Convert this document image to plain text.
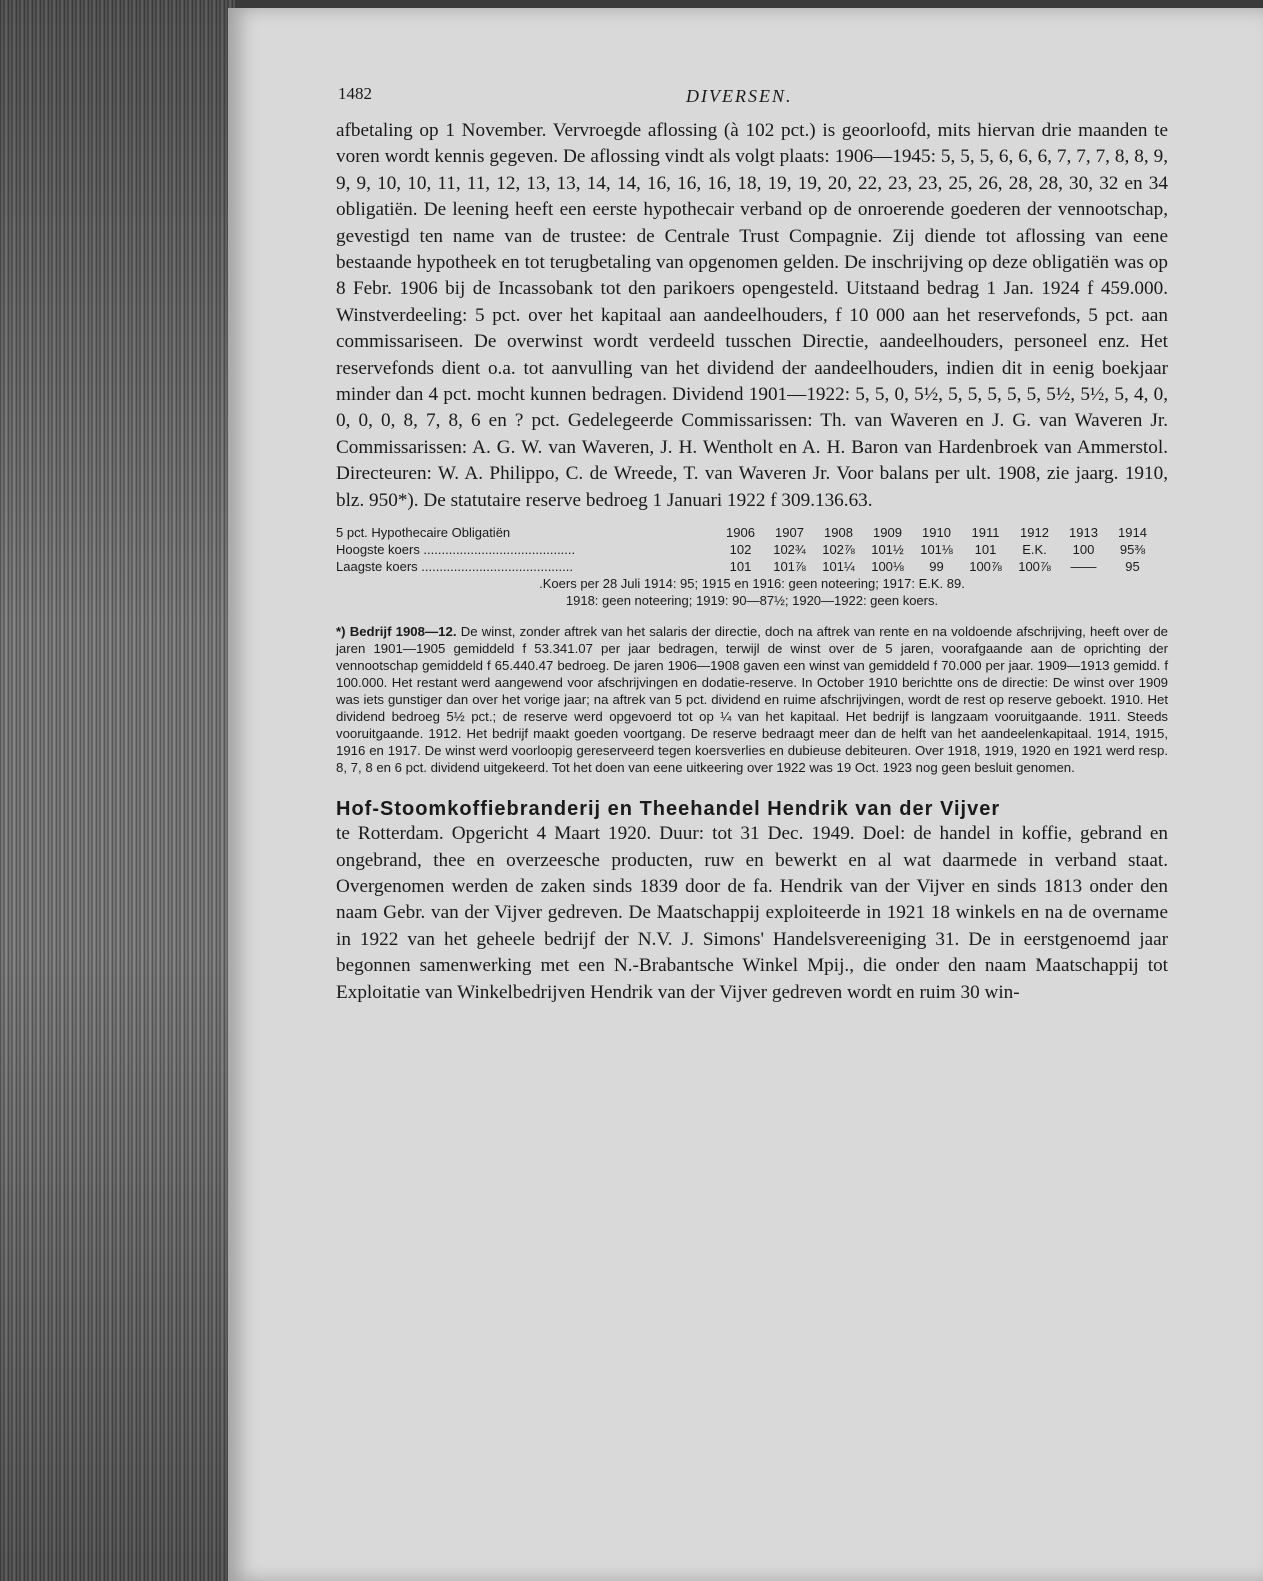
1482	DIVERSEN.

afbetaling op 1 November. Vervroegde aflossing (à 102 pct.) is geoorloofd, mits hiervan drie maanden te voren wordt kennis gegeven. De aflossing vindt als volgt plaats: 1906—1945: 5, 5, 5, 6, 6, 6, 7, 7, 7, 8, 8, 9, 9, 9, 10, 10, 11, 11, 12, 13, 13, 14, 14, 16, 16, 16, 18, 19, 19, 20, 22, 23, 23, 25, 26, 28, 28, 30, 32 en 34 obligatiën. De leening heeft een eerste hypothecair verband op de onroerende goederen der vennootschap, gevestigd ten name van de trustee: de Centrale Trust Compagnie. Zij diende tot aflossing van eene bestaande hypotheek en tot terugbetaling van opgenomen gelden. De inschrijving op deze obligatiën was op 8 Febr. 1906 bij de Incassobank tot den parikoers opengesteld. Uitstaand bedrag 1 Jan. 1924 f 459.000. Winstverdeeling: 5 pct. over het kapitaal aan aandeelhouders, f 10 000 aan het reservefonds, 5 pct. aan commissariseen. De overwinst wordt verdeeld tusschen Directie, aandeelhouders, personeel enz. Het reservefonds dient o.a. tot aanvulling van het dividend der aandeelhouders, indien dit in eenig boekjaar minder dan 4 pct. mocht kunnen bedragen. Dividend 1901—1922: 5, 5, 0, 5½, 5, 5, 5, 5, 5, 5½, 5½, 5, 4, 0, 0, 0, 0, 8, 7, 8, 6 en ? pct. Gedelegeerde Commissarissen: Th. van Waveren en J. G. van Waveren Jr. Commissarissen: A. G. W. van Waveren, J. H. Wentholt en A. H. Baron van Hardenbroek van Ammerstol. Directeuren: W. A. Philippo, C. de Wreede, T. van Waveren Jr. Voor balans per ult. 1908, zie jaarg. 1910, blz. 950*). De statutaire reserve bedroeg 1 Januari 1922 f 309.136.63.

5 pct. Hypothecaire Obligatiën	1906	1907	1908	1909	1910	1911	1912	1913	1914
Hoogste koers ..........................................	102	102¾	102⅞	101½	101⅛	101	E.K.	100	95⅜
Laagste koers ..........................................	101	101⅞	101¼	100⅛	99	100⅞	100⅞	——	95
.Koers per 28 Juli 1914: 95; 1915 en 1916: geen noteering; 1917: E.K. 89.
1918: geen noteering; 1919: 90—87½; 1920—1922: geen koers.
*) Bedrijf 1908—12. De winst, zonder aftrek van het salaris der directie, doch na aftrek van rente en na voldoende afschrijving, heeft over de jaren 1901—1905 gemiddeld f 53.341.07 per jaar bedragen, terwijl de winst over de 5 jaren, voorafgaande aan de oprichting der vennootschap gemiddeld f 65.440.47 bedroeg. De jaren 1906—1908 gaven een winst van gemiddeld f 70.000 per jaar. 1909—1913 gemidd. f 100.000. Het restant werd aangewend voor afschrijvingen en dodatie-reserve. In October 1910 berichtte ons de directie: De winst over 1909 was iets gunstiger dan over het vorige jaar; na aftrek van 5 pct. dividend en ruime afschrijvingen, wordt de rest op reserve geboekt. 1910. Het dividend bedroeg 5½ pct.; de reserve werd opgevoerd tot op ¼ van het kapitaal. Het bedrijf is langzaam vooruitgaande. 1911. Steeds vooruitgaande. 1912. Het bedrijf maakt goeden voortgang. De reserve bedraagt meer dan de helft van het aandeelenkapitaal. 1914, 1915, 1916 en 1917. De winst werd voorloopig gereserveerd tegen koersverlies en dubieuse debiteuren. Over 1918, 1919, 1920 en 1921 werd resp. 8, 7, 8 en 6 pct. dividend uitgekeerd. Tot het doen van eene uitkeering over 1922 was 19 Oct. 1923 nog geen besluit genomen.
Hof-Stoomkoffiebranderij en Theehandel Hendrik van der Vijver

te Rotterdam. Opgericht 4 Maart 1920. Duur: tot 31 Dec. 1949. Doel: de handel in koffie, gebrand en ongebrand, thee en overzeesche producten, ruw en bewerkt en al wat daarmede in verband staat. Overgenomen werden de zaken sinds 1839 door de fa. Hendrik van der Vijver en sinds 1813 onder den naam Gebr. van der Vijver gedreven. De Maatschappij exploiteerde in 1921 18 winkels en na de overname in 1922 van het geheele bedrijf der N.V. J. Simons' Handelsvereeniging 31. De in eerstgenoemd jaar begonnen samenwerking met een N.-Brabantsche Winkel Mpij., die onder den naam Maatschappij tot Exploitatie van Winkelbedrijven Hendrik van der Vijver gedreven wordt en ruim 30 win-
